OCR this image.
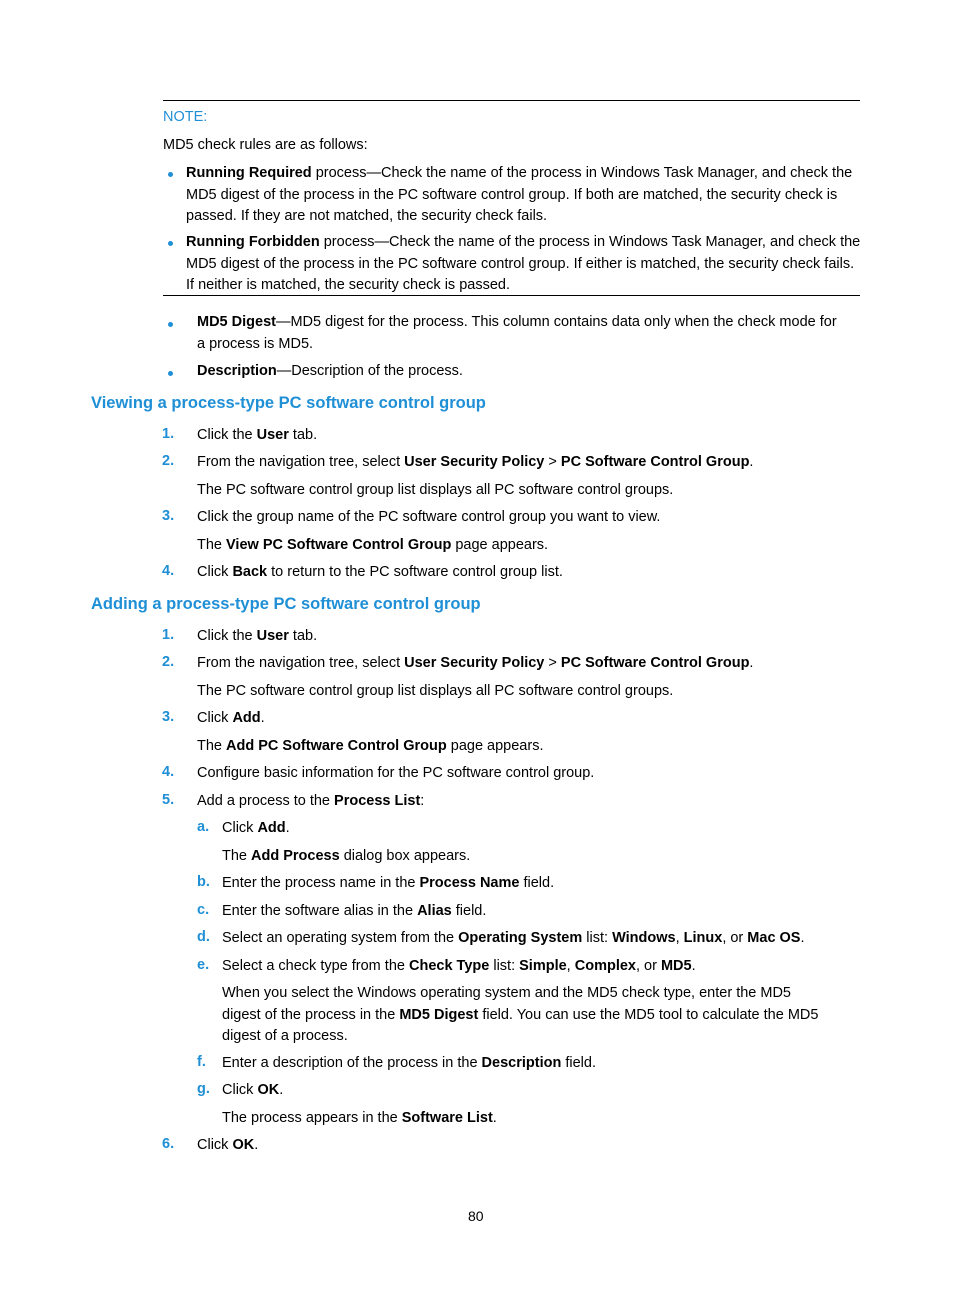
NOTE:

MD5 check rules are as follows:

Running Required process—Check the name of the process in Windows Task Manager, and check the
MD5 digest of the process in the PC software control group. If both are matched, the security check is
passed. If they are not matched, the security check fails.
Running Forbidden process—Check the name of the process in Windows Task Manager, and check the
MD5 digest of the process in the PC software control group. If either is matched, the security check fails.
If neither is matched, the security check is passed.
MD5 Digest—MD5 digest for the process. This column contains data only when the check mode for
a process is MD5.
Description—Description of the process.
Viewing a process-type PC software control group
1. Click the User tab.

2. From the navigation tree, select User Security Policy > PC Software Control Group.

The PC software control group list displays all PC software control groups.

3. Click the group name of the PC software control group you want to view.

The View PC Software Control Group page appears.

4. Click Back to return to the PC software control group list.

Adding a process-type PC software control group
1. Click the User tab.

2. From the navigation tree, select User Security Policy > PC Software Control Group.

The PC software control group list displays all PC software control groups.

3. Click Add.

The Add PC Software Control Group page appears.

4. Configure basic information for the PC software control group.

5. Add a process to the Process List:

a. Click Add.

The Add Process dialog box appears.

b. Enter the process name in the Process Name field.

c. Enter the software alias in the Alias field.

d. Select an operating system from the Operating System list: Windows, Linux, or Mac OS.

e. Select a check type from the Check Type list: Simple, Complex, or MD5.

When you select the Windows operating system and the MD5 check type, enter the MD5
digest of the process in the MD5 Digest field. You can use the MD5 tool to calculate the MD5
digest of a process.
f. Enter a description of the process in the Description field.

g. Click OK.

The process appears in the Software List.

6. Click OK.

80
